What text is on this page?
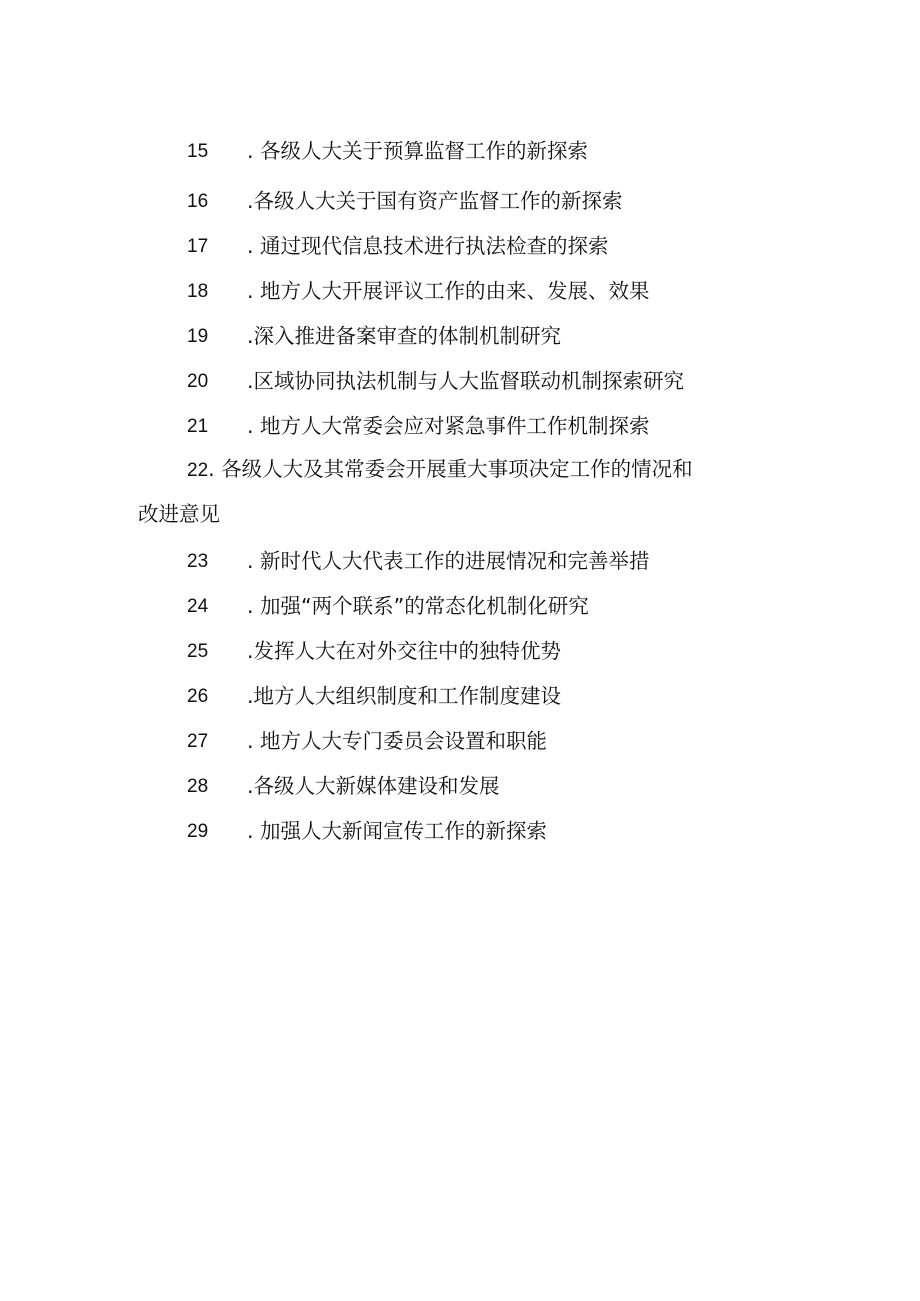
15 . 各级人大关于预算监督工作的新探索
16 .各级人大关于国有资产监督工作的新探索
17 . 通过现代信息技术进行执法检查的探索
18 . 地方人大开展评议工作的由来、发展、效果
19 .深入推进备案审查的体制机制研究
20 .区域协同执法机制与人大监督联动机制探索研究
21 . 地方人大常委会应对紧急事件工作机制探索
22. 各级人大及其常委会开展重大事项决定工作的情况和
改进意见
23 . 新时代人大代表工作的进展情况和完善举措
24 . 加强“两个联系”的常态化机制化研究
25 .发挥人大在对外交往中的独特优势
26 .地方人大组织制度和工作制度建设
27 . 地方人大专门委员会设置和职能
28 .各级人大新媒体建设和发展
29 . 加强人大新闻宣传工作的新探索
